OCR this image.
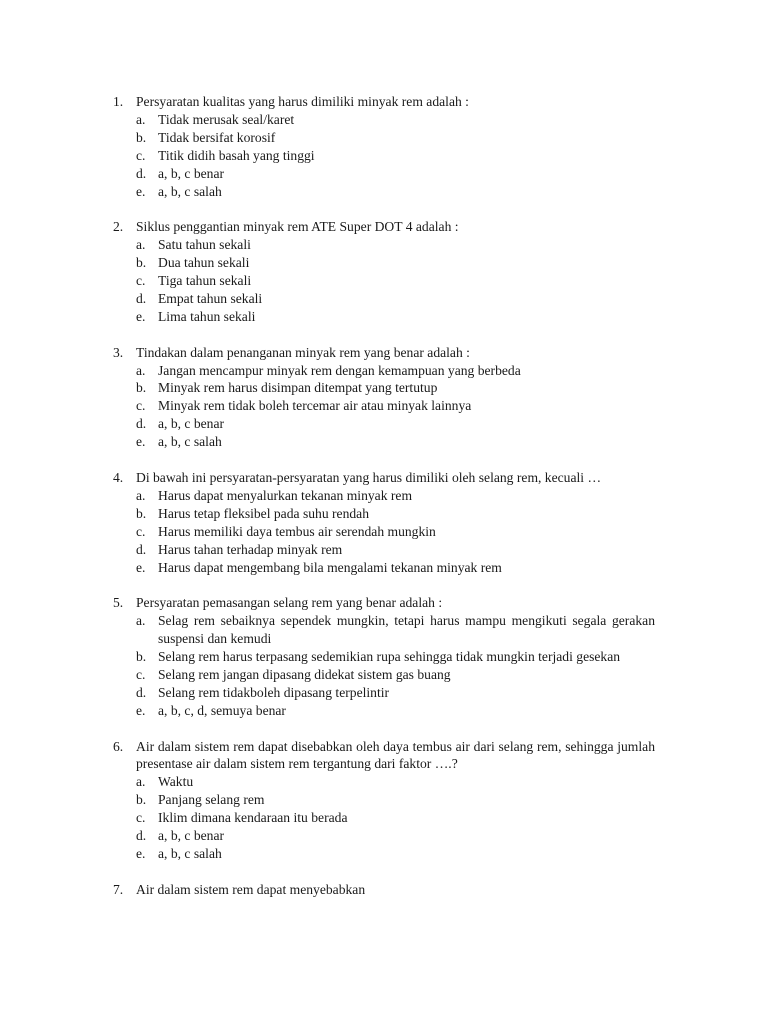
1. Persyaratan kualitas yang harus dimiliki minyak rem adalah :
a. Tidak merusak seal/karet
b. Tidak bersifat korosif
c. Titik didih basah yang tinggi
d. a, b, c benar
e. a, b, c salah
2. Siklus penggantian minyak rem ATE Super DOT 4 adalah :
a. Satu tahun sekali
b. Dua tahun sekali
c. Tiga tahun sekali
d. Empat tahun sekali
e. Lima tahun sekali
3. Tindakan dalam penanganan minyak rem yang benar adalah :
a. Jangan mencampur minyak rem dengan kemampuan yang berbeda
b. Minyak rem harus disimpan ditempat yang tertutup
c. Minyak rem tidak boleh tercemar air atau minyak lainnya
d. a, b, c benar
e. a, b, c salah
4. Di bawah ini persyaratan-persyaratan yang harus dimiliki oleh selang rem, kecuali …
a. Harus dapat menyalurkan tekanan minyak rem
b. Harus tetap fleksibel pada suhu rendah
c. Harus memiliki daya tembus air serendah mungkin
d. Harus tahan terhadap minyak rem
e. Harus dapat mengembang bila mengalami tekanan minyak rem
5. Persyaratan pemasangan selang rem yang benar adalah :
a. Selag rem sebaiknya sependek mungkin, tetapi harus mampu mengikuti segala gerakan suspensi dan kemudi
b. Selang rem harus terpasang sedemikian rupa sehingga tidak mungkin terjadi gesekan
c. Selang rem jangan dipasang didekat sistem gas buang
d. Selang rem tidakboleh dipasang terpelintir
e. a, b, c, d, semuya benar
6. Air dalam sistem rem dapat disebabkan oleh daya tembus air dari selang rem, sehingga jumlah presentase air dalam sistem rem tergantung dari faktor ….?
a. Waktu
b. Panjang selang rem
c. Iklim dimana kendaraan itu berada
d. a, b, c benar
e. a, b, c salah
7. Air dalam sistem rem dapat menyebabkan
